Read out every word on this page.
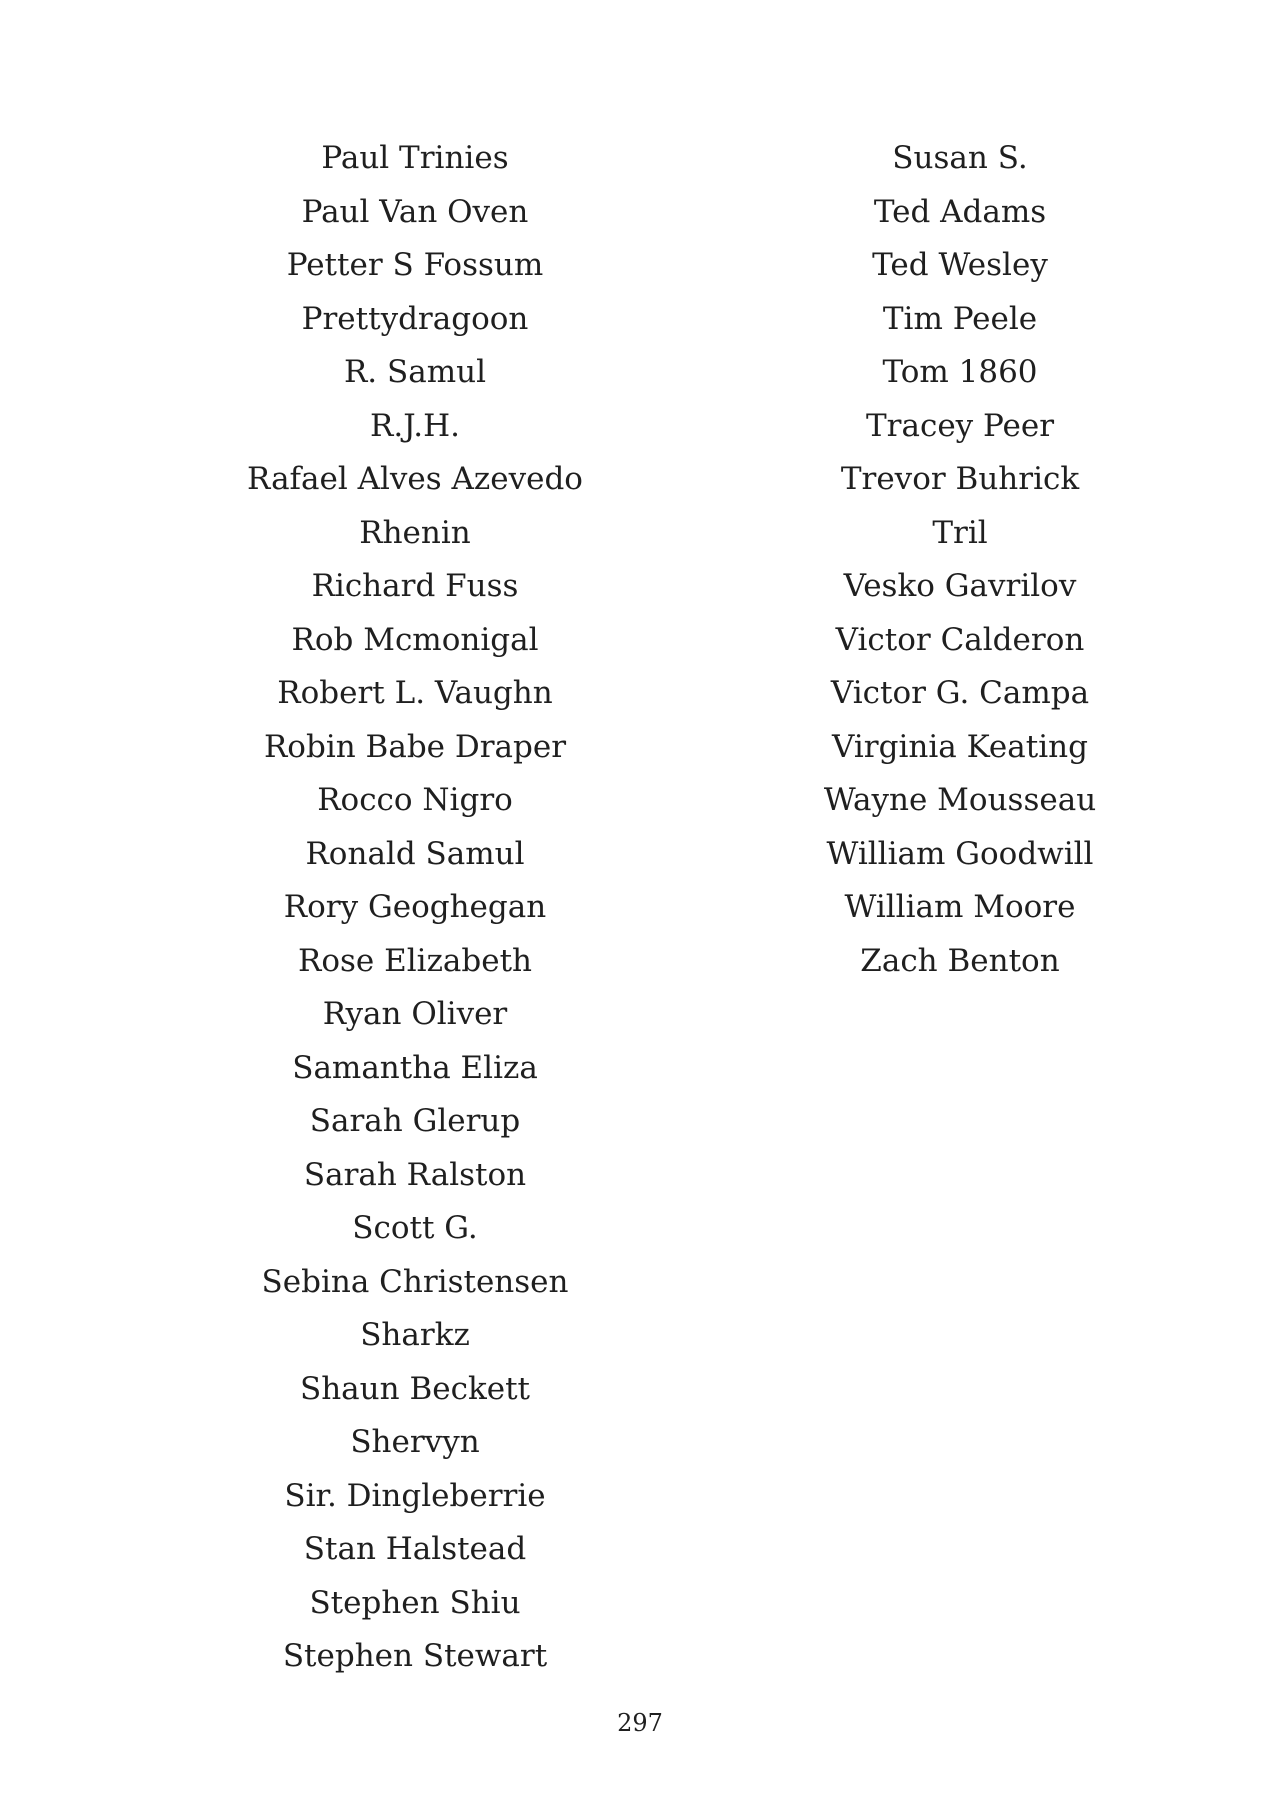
Paul Trinies
Paul Van Oven
Petter S Fossum
Prettydragoon
R. Samul
R.J.H.
Rafael Alves Azevedo
Rhenin
Richard Fuss
Rob Mcmonigal
Robert L. Vaughn
Robin Babe Draper
Rocco Nigro
Ronald Samul
Rory Geoghegan
Rose Elizabeth
Ryan Oliver
Samantha Eliza
Sarah Glerup
Sarah Ralston
Scott G.
Sebina Christensen
Sharkz
Shaun Beckett
Shervyn
Sir. Dingleberrie
Stan Halstead
Stephen Shiu
Stephen Stewart
Susan S.
Ted Adams
Ted Wesley
Tim Peele
Tom 1860
Tracey Peer
Trevor Buhrick
Tril
Vesko Gavrilov
Victor Calderon
Victor G. Campa
Virginia Keating
Wayne Mousseau
William Goodwill
William Moore
Zach Benton
297
